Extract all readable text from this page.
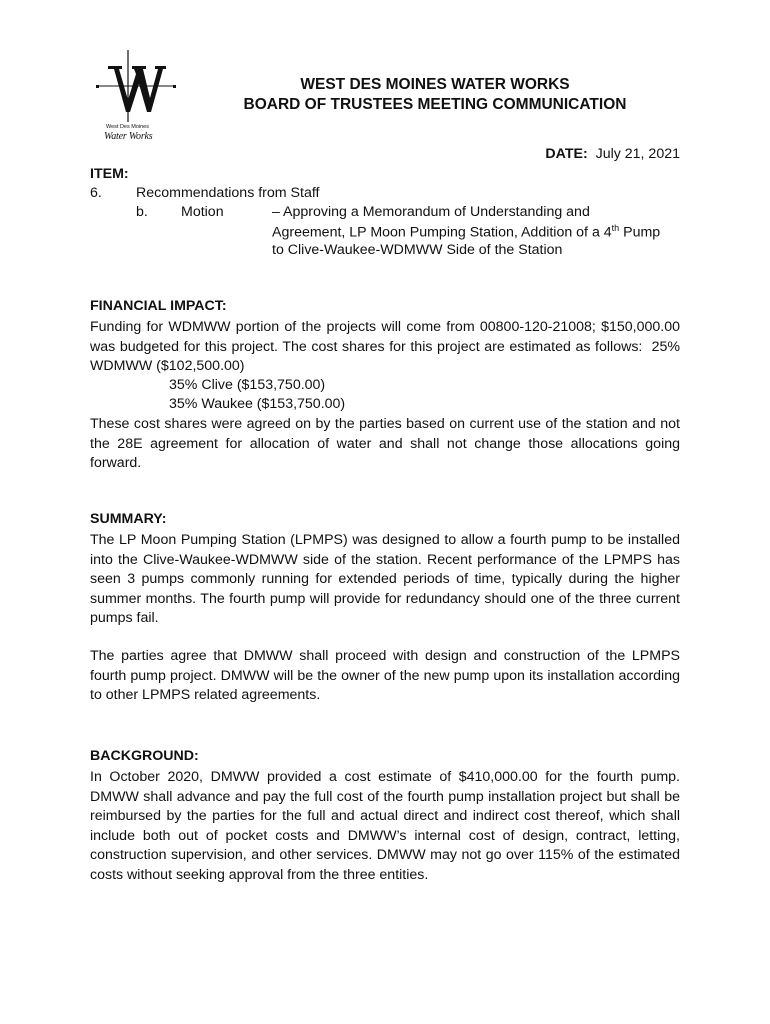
West Des Moines
Water Works
WEST DES MOINES WATER WORKS
BOARD OF TRUSTEES MEETING COMMUNICATION
DATE: July 21, 2021
ITEM:
6. Recommendations from Staff
b. Motion	– Approving a Memorandum of Understanding and
Agreement, LP Moon Pumping Station, Addition of a 4th Pump
to Clive-Waukee-WDMWW Side of the Station
FINANCIAL IMPACT:
Funding for WDMWW portion of the projects will come from 00800-120-21008; $150,000.00 was budgeted for this project. The cost shares for this project are estimated as follows: 25% WDMWW ($102,500.00)
35% Clive ($153,750.00)
35% Waukee ($153,750.00)
These cost shares were agreed on by the parties based on current use of the station and not the 28E agreement for allocation of water and shall not change those allocations going forward.
SUMMARY:
The LP Moon Pumping Station (LPMPS) was designed to allow a fourth pump to be installed into the Clive-Waukee-WDMWW side of the station. Recent performance of the LPMPS has seen 3 pumps commonly running for extended periods of time, typically during the higher summer months. The fourth pump will provide for redundancy should one of the three current pumps fail.
The parties agree that DMWW shall proceed with design and construction of the LPMPS fourth pump project. DMWW will be the owner of the new pump upon its installation according to other LPMPS related agreements.
BACKGROUND:
In October 2020, DMWW provided a cost estimate of $410,000.00 for the fourth pump. DMWW shall advance and pay the full cost of the fourth pump installation project but shall be reimbursed by the parties for the full and actual direct and indirect cost thereof, which shall include both out of pocket costs and DMWW’s internal cost of design, contract, letting, construction supervision, and other services. DMWW may not go over 115% of the estimated costs without seeking approval from the three entities.
